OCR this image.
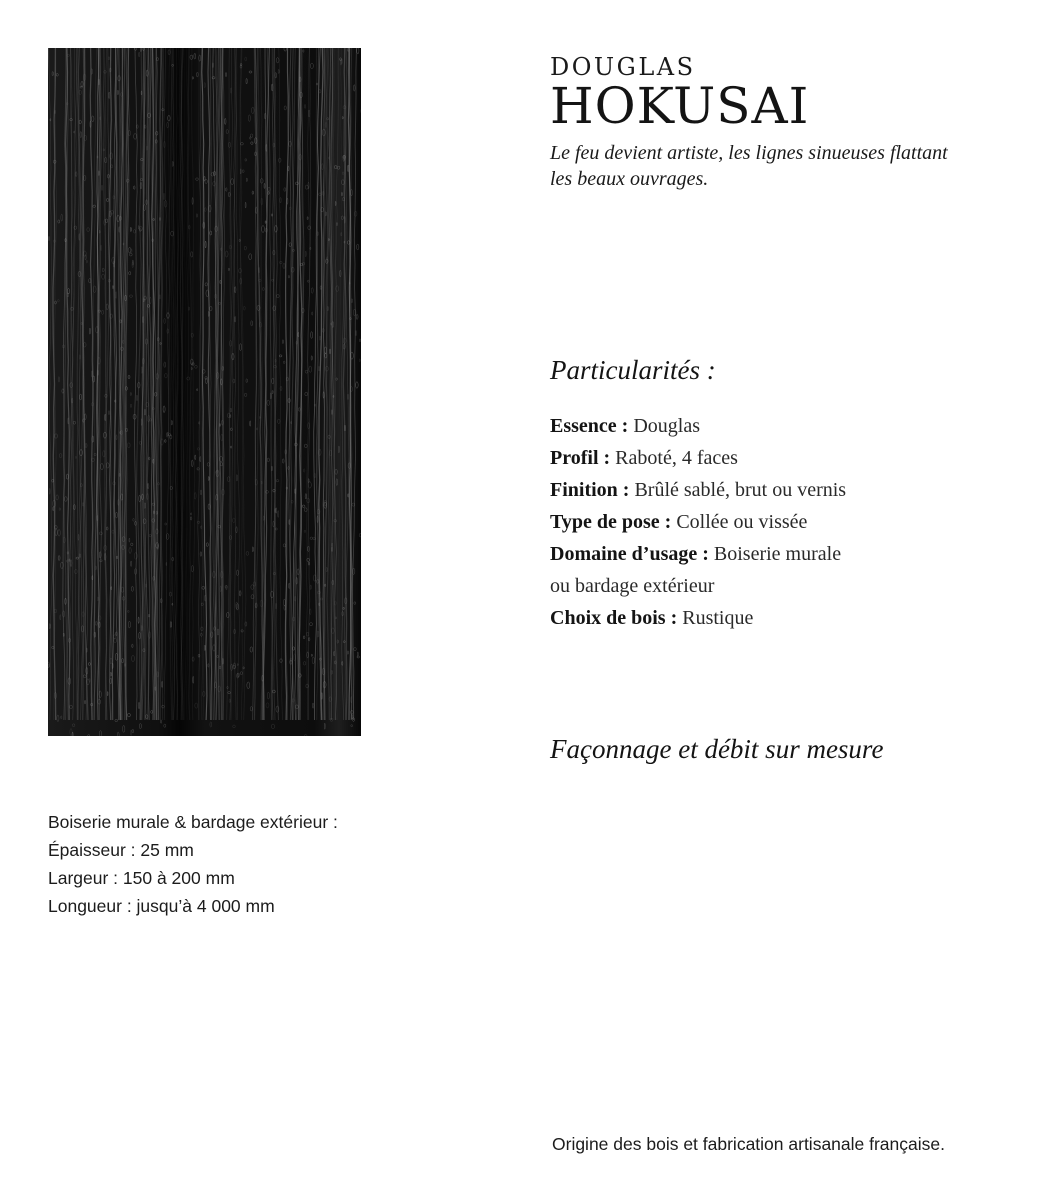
Boiserie murale & bardage extérieur :
Épaisseur : 25 mm
Largeur : 150 à 200 mm
Longueur : jusqu’à 4 000 mm
DOUGLAS
HOKUSAI
Le feu devient artiste, les lignes sinueuses flattant
les beaux ouvrages.
Particularités :
Essence : Douglas
Profil : Raboté, 4 faces
Finition : Brûlé sablé, brut ou vernis
Type de pose : Collée ou vissée
Domaine d’usage : Boiserie murale
ou bardage extérieur
Choix de bois : Rustique
Façonnage et débit sur mesure
Origine des bois et fabrication artisanale française.
